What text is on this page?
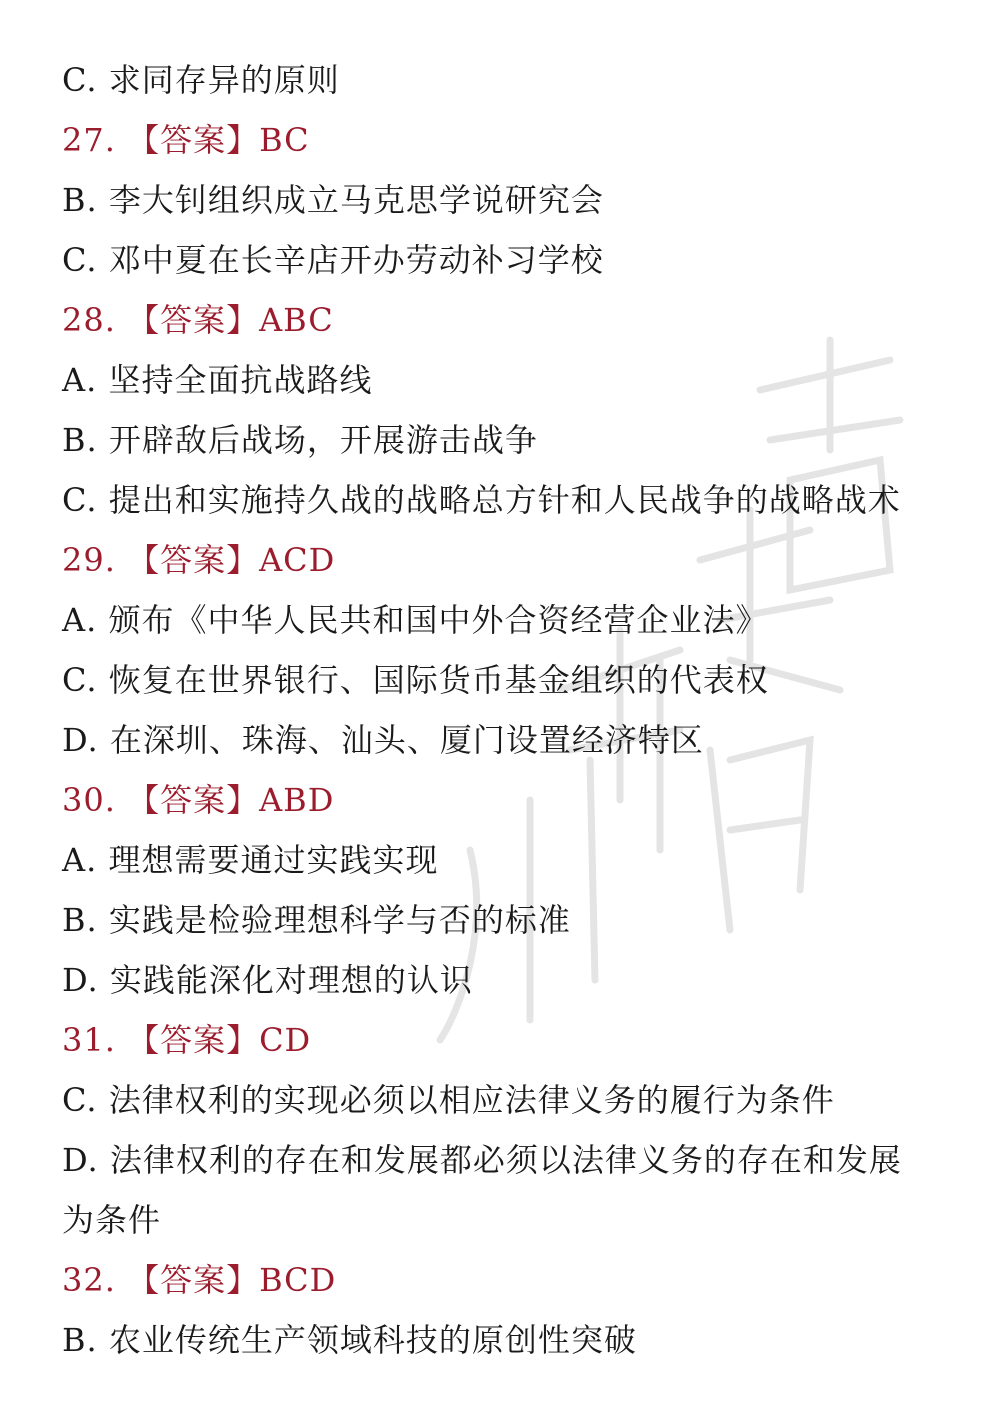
C. 求同存异的原则
27. 【答案】BC
B. 李大钊组织成立马克思学说研究会
C. 邓中夏在长辛店开办劳动补习学校
28. 【答案】ABC
A. 坚持全面抗战路线
B. 开辟敌后战场，开展游击战争
C. 提出和实施持久战的战略总方针和人民战争的战略战术
29. 【答案】ACD
A. 颁布《中华人民共和国中外合资经营企业法》
C. 恢复在世界银行、国际货币基金组织的代表权
D. 在深圳、珠海、汕头、厦门设置经济特区
30. 【答案】ABD
A. 理想需要通过实践实现
B. 实践是检验理想科学与否的标准
D. 实践能深化对理想的认识
31. 【答案】CD
C. 法律权利的实现必须以相应法律义务的履行为条件
D. 法律权利的存在和发展都必须以法律义务的存在和发展
为条件
32. 【答案】BCD
B. 农业传统生产领域科技的原创性突破
